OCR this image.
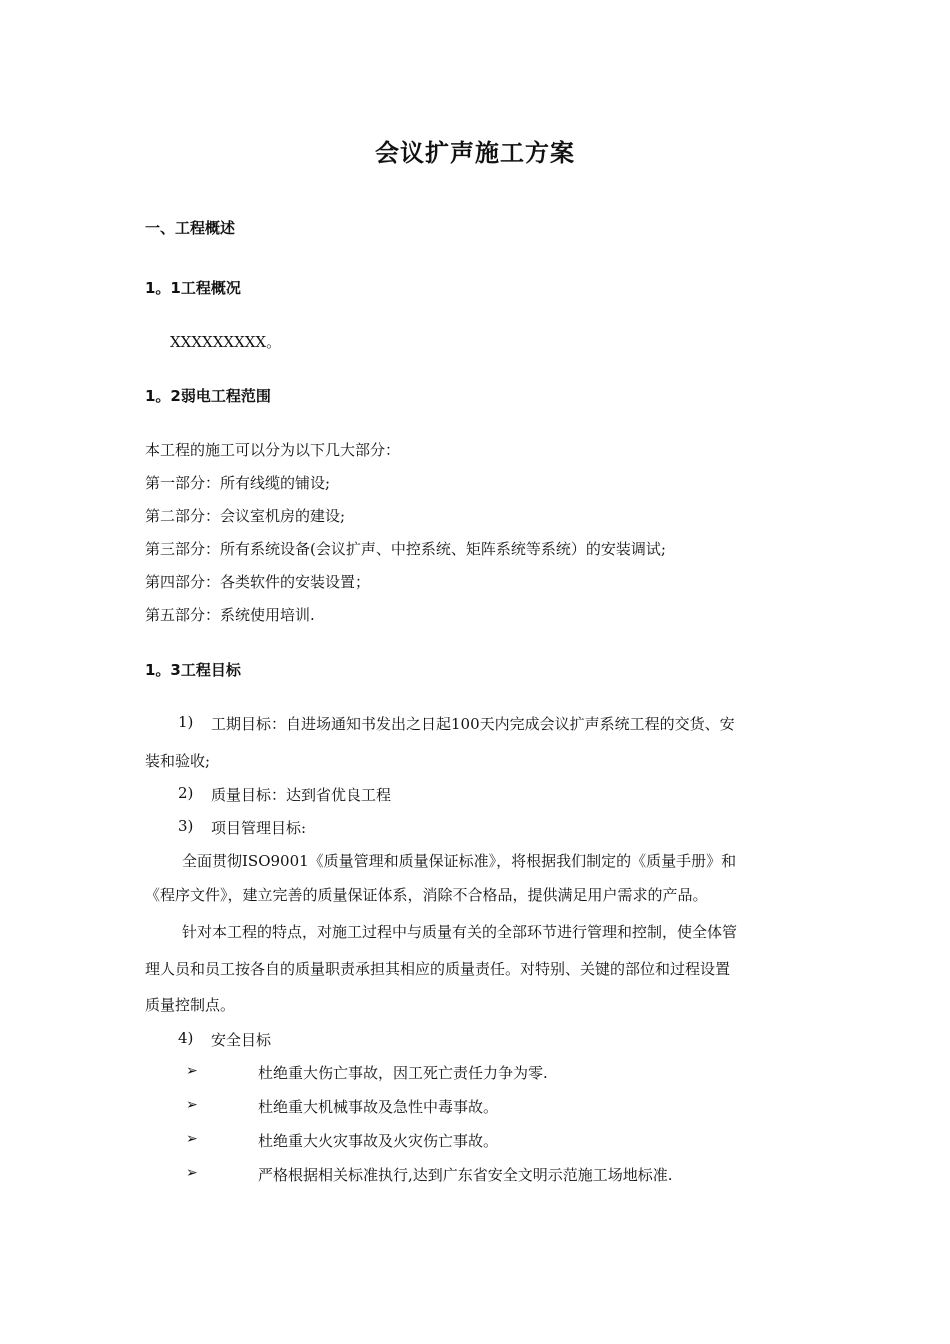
会议扩声施工方案
一、工程概述
1。1工程概况
XXXXXXXXX。
1。2弱电工程范围
本工程的施工可以分为以下几大部分：
第一部分：所有线缆的铺设;
第二部分：会议室机房的建设;
第三部分：所有系统设备(会议扩声、中控系统、矩阵系统等系统）的安装调试;
第四部分：各类软件的安装设置；
第五部分：系统使用培训.
1。3工程目标
1) 工期目标：自进场通知书发出之日起100天内完成会议扩声系统工程的交货、安
装和验收;
2) 质量目标：达到省优良工程
3) 项目管理目标:
全面贯彻ISO9001《质量管理和质量保证标准》，将根据我们制定的《质量手册》和
《程序文件》，建立完善的质量保证体系，消除不合格品，提供满足用户需求的产品。
针对本工程的特点，对施工过程中与质量有关的全部环节进行管理和控制，使全体管
理人员和员工按各自的质量职责承担其相应的质量责任。对特别、关键的部位和过程设置
质量控制点。
4) 安全目标
➢	杜绝重大伤亡事故，因工死亡责任力争为零.
➢	杜绝重大机械事故及急性中毒事故。
➢	杜绝重大火灾事故及火灾伤亡事故。
➢	严格根据相关标准执行,达到广东省安全文明示范施工场地标准.
